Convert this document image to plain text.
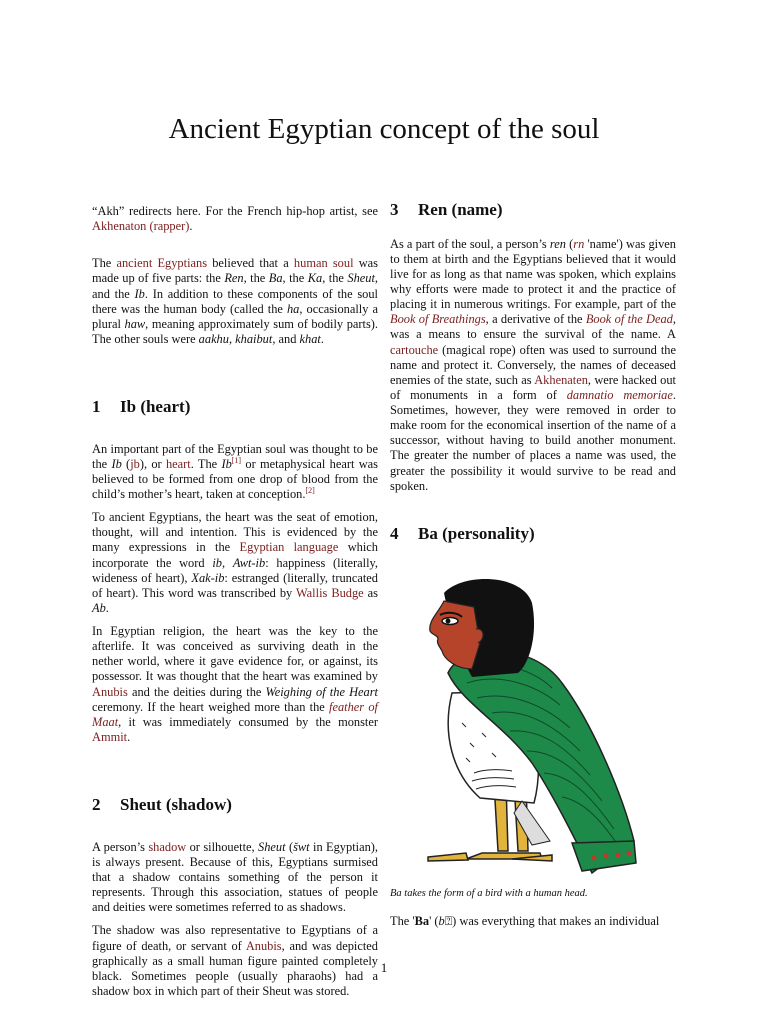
Ancient Egyptian concept of the soul

“Akh” redirects here. For the French hip-hop artist, see Akhenaton (rapper).

The ancient Egyptians believed that a human soul was made up of five parts: the Ren, the Ba, the Ka, the Sheut, and the Ib. In addition to these components of the soul there was the human body (called the ha, occasionally a plural haw, meaning approximately sum of bodily parts). The other souls were aakhu, khaibut, and khat.

1 Ib (heart)

An important part of the Egyptian soul was thought to be the Ib (jb), or heart. The Ib[1] or metaphysical heart was believed to be formed from one drop of blood from the child’s mother’s heart, taken at conception.[2]

To ancient Egyptians, the heart was the seat of emotion, thought, will and intention. This is evidenced by the many expressions in the Egyptian language which incorporate the word ib, Awt-ib: happiness (literally, wideness of heart), Xak-ib: estranged (literally, truncated of heart). This word was transcribed by Wallis Budge as Ab.

In Egyptian religion, the heart was the key to the afterlife. It was conceived as surviving death in the nether world, where it gave evidence for, or against, its possessor. It was thought that the heart was examined by Anubis and the deities during the Weighing of the Heart ceremony. If the heart weighed more than the feather of Maat, it was immediately consumed by the monster Ammit.

2 Sheut (shadow)

A person’s shadow or silhouette, Sheut (šwt in Egyptian), is always present. Because of this, Egyptians surmised that a shadow contains something of the person it represents. Through this association, statues of people and deities were sometimes referred to as shadows.

The shadow was also representative to Egyptians of a figure of death, or servant of Anubis, and was depicted graphically as a small human figure painted completely black. Sometimes people (usually pharaohs) had a shadow box in which part of their Sheut was stored.

3 Ren (name)

As a part of the soul, a person’s ren (rn 'name') was given to them at birth and the Egyptians believed that it would live for as long as that name was spoken, which explains why efforts were made to protect it and the practice of placing it in numerous writings. For example, part of the Book of Breathings, a derivative of the Book of the Dead, was a means to ensure the survival of the name. A cartouche (magical rope) often was used to surround the name and protect it. Conversely, the names of deceased enemies of the state, such as Akhenaten, were hacked out of monuments in a form of damnatio memoriae. Sometimes, however, they were removed in order to make room for the economical insertion of the name of a successor, without having to build another monument. The greater the number of places a name was used, the greater the possibility it would survive to be read and spoken.

4 Ba (personality)

Ba takes the form of a bird with a human head.

The 'Ba' (b⍰) was everything that makes an individual

1
